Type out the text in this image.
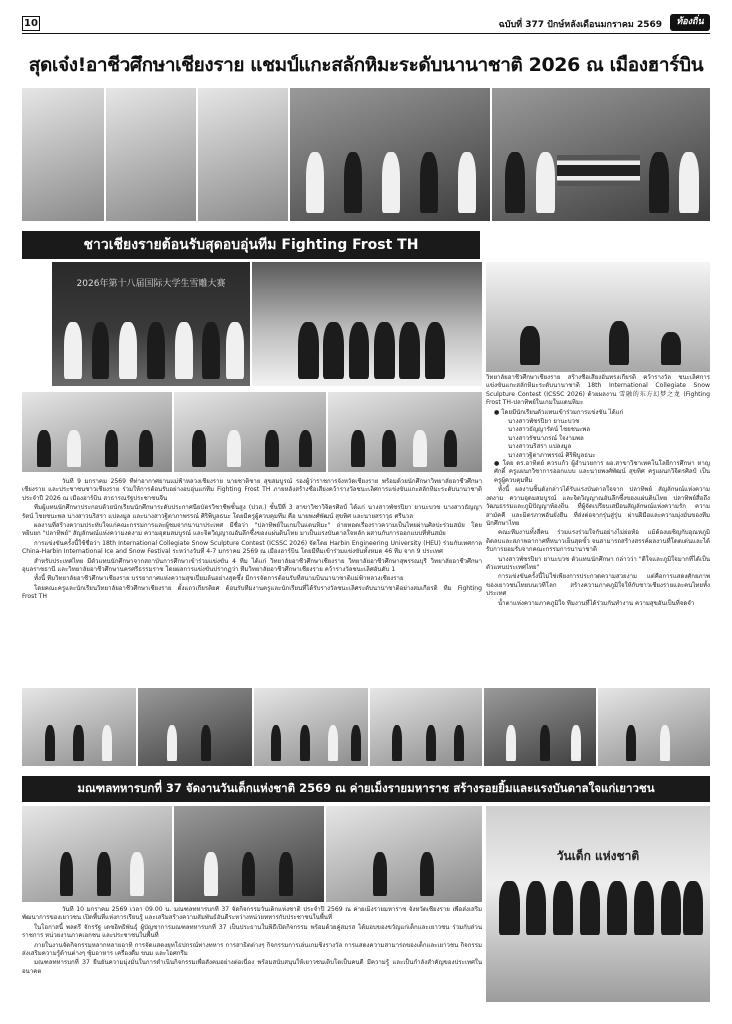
10	ฉบับที่ 377 ปักษ์หลังเดือนมกราคม 2569	ท้องถิ่น
สุดเจ๋ง!อาชีวศึกษาเชียงราย แชมป์แกะสลักหิมะระดับนานาชาติ 2026 ณ เมืองฮาร์บิน
ชาวเชียงรายต้อนรับสุดอบอุ่นทีม Fighting Frost TH
2026年第十八届国际大学生雪雕大赛

วิทยาลัยอาชีวศึกษาเชียงราย สร้างชื่อเสียงอันทรงเกียรติ คว้ารางวัล ชนะเลิศการแข่งขันแกะสลักหิมะระดับนานาชาติ 18th International Collegiate Snow Sculpture Contest (ICSSC 2026) ด้วยผลงาน 雪融的东方幻梦之龙 (Fighting Frost TH-ปลาทิพย์ในเกมในแดนหิมะ

● โดยมีนักเรียนตัวแทนเข้าร่วมการแข่งขัน ได้แก่

นางสาวพัชรปิยา ยานะบวช
นางสาวธัญญารัตน์ ไชยชนะพล
นางสาวรัชนาภรณ์ ใจงามพล
นางสาวนริสรา แปลงมูล
นางสาวฐิตาภาพรรณ์ ศิริพิบูลธนะ

● โดย ดร.อาทิตย์ ควรแก้ว ผู้อำนวยการ ผอ.สาขาวิชาเทคโนโลยีการศึกษา หาญศักดิ์ ครูแผนกวิชาการออกแบบ และนายพงศ์พัฒน์ สุขทิศ ครูแผนกวิจิตรศิลป์ เป็นครูผู้ควบคุมทีม

ทั้งนี้ ผลงานชิ้นดังกล่าวได้รับแรงบันดาลใจจาก ปลาทิพย์ สัญลักษณ์แห่งความงดงาม ความอุดมสมบูรณ์ และจิตวิญญาณอันลึกซึ้งของแผ่นดินไทย ปลาทิพย์สื่อถึงวัฒนธรรมและภูมิปัญญาท้องถิ่น ที่ผู้จัดเปรียบเสมือนสัญลักษณ์แห่งความรัก ความสามัคคี และมิตรภาพอันยั่งยืน ที่ส่งต่อจากรุ่นสู่รุ่น ผ่านฝีมือและความมุ่งมั่นของทีมนักศึกษาไทย

คณะทีมงานทั้งสี่คน ร่วมแรงร่วมใจกันอย่างไม่ย่อท้อ แม้ต้องเผชิญกับอุณหภูมิติดลบและสภาพอากาศที่หนาวเย็นสุดขั้ว จนสามารถสร้างสรรค์ผลงานที่โดดเด่นและได้รับการยอมรับจากคณะกรรมการนานาชาติ

นางสาวพัชรปิยา ยานะบวช ตัวแทนนักศึกษา กล่าวว่า "ดีใจและภูมิใจมากที่ได้เป็นตัวแทนประเทศไทย"

การแข่งขันครั้งนี้ไม่ใช่เพียงการประกวดความสวยงาม แต่คือการแสดงศักยภาพของเยาวชนไทยบนเวทีโลก สร้างความภาคภูมิใจให้กับชาวเชียงรายและคนไทยทั้งประเทศ

น้ำตาแห่งความภาคภูมิใจ ทีมงานที่ได้ร่วมกันทำงาน ความสุขอันเป็นที่จดจำ

วันที่ 9 มกราคม 2569 ที่ท่าอากาศยานแม่ฟ้าหลวงเชียงราย นายชาติชาย สุขสมบูรณ์ รองผู้ว่าราชการจังหวัดเชียงราย พร้อมด้วยนักศึกษาวิทยาลัยอาชีวศึกษาเชียงราย และประชาชนชาวเชียงราย ร่วมให้การต้อนรับอย่างอบอุ่นแก่ทีม Fighting Frost TH ภายหลังสร้างชื่อเสียงคว้ารางวัลชนะเลิศการแข่งขันแกะสลักหิมะระดับนานาชาติ ประจำปี 2026 ณ เมืองฮาร์บิน สาธารณรัฐประชาชนจีน

ทีมผู้แทนนักศึกษาประกอบด้วยนักเรียนนักศึกษาระดับประกาศนียบัตรวิชาชีพชั้นสูง (ปวส.) ชั้นปีที่ 3 สาขาวิชาวิจิตรศิลป์ ได้แก่ นางสาวพัชรปิยา ยานะบวช นางสาวธัญญารัตน์ ไชยชนะพล นางสาวนริสรา แปลงมูล และนางสาวฐิตาภาพรรณ์ ศิริพิบูลธนะ โดยมีครูผู้ควบคุมทีม คือ นายพงศ์พัฒน์ สุขทิศ และนายสราวุธ ศรีนวล

ผลงานที่สร้างความประทับใจแก่คณะกรรมการและผู้ชมจากนานาประเทศ มีชื่อว่า "ปลาทิพย์ในเกมในแดนหิมะ" ถ่ายทอดเรื่องราวความเป็นไทยผ่านศิลปะร่วมสมัย โดยหยิบยก "ปลาทิพย์" สัญลักษณ์แห่งความงดงาม ความอุดมสมบูรณ์ และจิตวิญญาณอันลึกซึ้งของแผ่นดินไทย มาเป็นแรงบันดาลใจหลัก ผสานกับการออกแบบที่ทันสมัย

การแข่งขันครั้งนี้ใช้ชื่อว่า 18th International Collegiate Snow Sculpture Contest (ICSSC 2026) จัดโดย Harbin Engineering University (HEU) ร่วมกับเทศกาล China-Harbin International Ice and Snow Festival ระหว่างวันที่ 4-7 มกราคม 2569 ณ เมืองฮาร์บิน โดยมีทีมเข้าร่วมแข่งขันทั้งหมด 46 ทีม จาก 9 ประเทศ

สำหรับประเทศไทย มีตัวแทนนักศึกษาจากสถาบันการศึกษาเข้าร่วมแข่งขัน 4 ทีม ได้แก่ วิทยาลัยอาชีวศึกษาเชียงราย วิทยาลัยอาชีวศึกษาสุพรรณบุรี วิทยาลัยอาชีวศึกษาอุบลราชธานี และวิทยาลัยอาชีวศึกษานครศรีธรรมราช โดยผลการแข่งขันปรากฏว่า ทีมวิทยาลัยอาชีวศึกษาเชียงราย คว้ารางวัลชนะเลิศอันดับ 1

ทั้งนี้ ทีมวิทยาลัยอาชีวศึกษาเชียงราย บรรยากาศแห่งความสุขเปี่ยมล้นอย่างสุดซึ้ง มีการจัดการต้อนรับที่สนามบินนานาชาติแม่ฟ้าหลวงเชียงราย

โดยคณะครูและนักเรียนวิทยาลัยอาชีวศึกษาเชียงราย ตั้งแถวเกียรติยศ ต้อนรับทีมงานครูและนักเรียนที่ได้รับรางวัลชนะเลิศระดับนานาชาติอย่างสมเกียรติ ทีม Fighting Frost TH

มณฑลทหารบกที่ 37 จัดงานวันเด็กแห่งชาติ 2569 ณ ค่ายเม็งรายมหาราช สร้างรอยยิ้มและแรงบันดาลใจแก่เยาวชน
วันเด็ก แห่งชาติ

วันที่ 10 มกราคม 2569 เวลา 09.00 น. มณฑลทหารบกที่ 37 จัดกิจกรรมวันเด็กแห่งชาติ ประจำปี 2569 ณ ค่ายเม็งรายมหาราช จังหวัดเชียงราย เพื่อส่งเสริมพัฒนาการของเยาวชน เปิดพื้นที่แห่งการเรียนรู้ และเสริมสร้างความสัมพันธ์อันดีระหว่างหน่วยทหารกับประชาชนในพื้นที่

ในโอกาสนี้ พลตรี จักรรัฐ เดชอิทธิพันธุ์ ผู้บัญชาการมณฑลทหารบกที่ 37 เป็นประธานในพิธีเปิดกิจกรรม พร้อมด้วยคู่สมรส ได้มอบของขวัญแก่เด็กและเยาวชน ร่วมกับส่วนราชการ หน่วยงานภาคเอกชน และประชาชนในพื้นที่

ภายในงานจัดกิจกรรมหลากหลายอาทิ การจัดแสดงยุทโธปกรณ์ทางทหาร การสาธิตต่างๆ กิจกรรมการเล่นเกมชิงรางวัล การแสดงความสามารถของเด็กและเยาวชน กิจกรรมส่งเสริมความรู้ด้านต่างๆ ซุ้มอาหาร เครื่องดื่ม ขนม และไอศกรีม

มณฑลทหารบกที่ 37 ยืนยันความมุ่งมั่นในการดำเนินกิจกรรมเพื่อสังคมอย่างต่อเนื่อง พร้อมสนับสนุนให้เยาวชนเติบโตเป็นคนดี มีความรู้ และเป็นกำลังสำคัญของประเทศในอนาคต
